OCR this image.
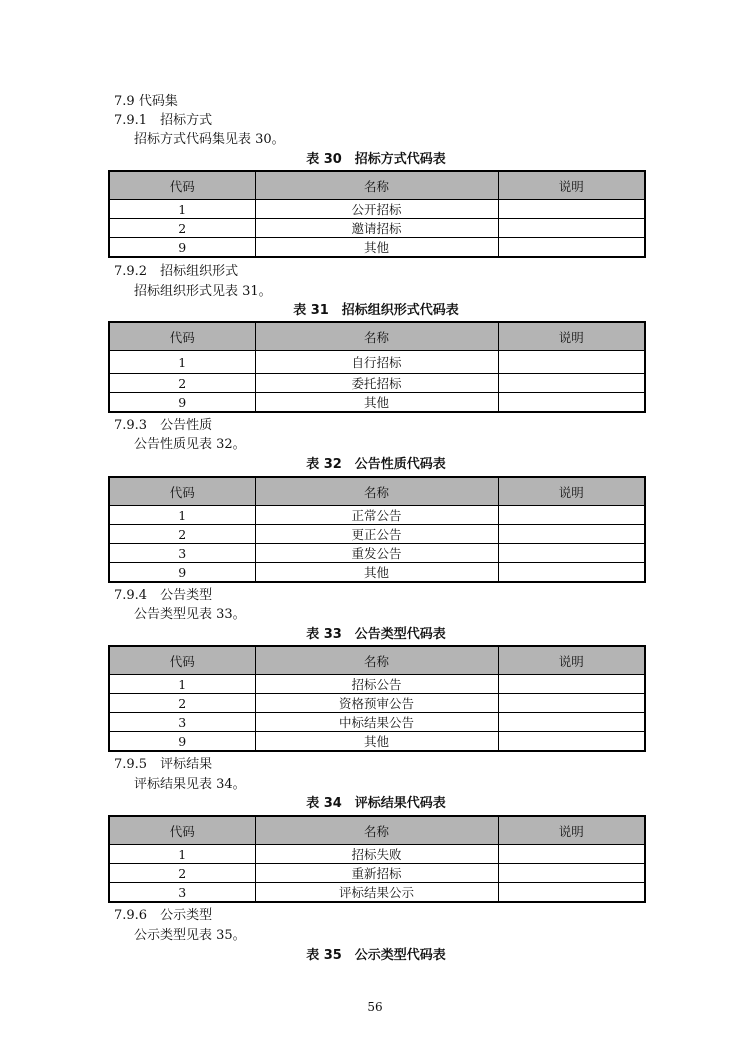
7.9 代码集
7.9.1　 招标方式
招标方式代码集见表 30。
表 30　招标方式代码表
代码	名称	说明
1	公开招标	
2	邀请招标	
9	其他	
7.9.2　 招标组织形式
招标组织形式见表 31。
表 31　招标组织形式代码表
代码	名称	说明
1	自行招标	
2	委托招标	
9	其他	
7.9.3　 公告性质
公告性质见表 32。
表 32　公告性质代码表
代码	名称	说明
1	正常公告	
2	更正公告	
3	重发公告	
9	其他	
7.9.4　 公告类型
公告类型见表 33。
表 33　公告类型代码表
代码	名称	说明
1	招标公告	
2	资格预审公告	
3	中标结果公告	
9	其他	
7.9.5　 评标结果
评标结果见表 34。
表 34　评标结果代码表
代码	名称	说明
1	招标失败	
2	重新招标	
3	评标结果公示	
7.9.6　 公示类型
公示类型见表 35。
表 35　公示类型代码表
56
